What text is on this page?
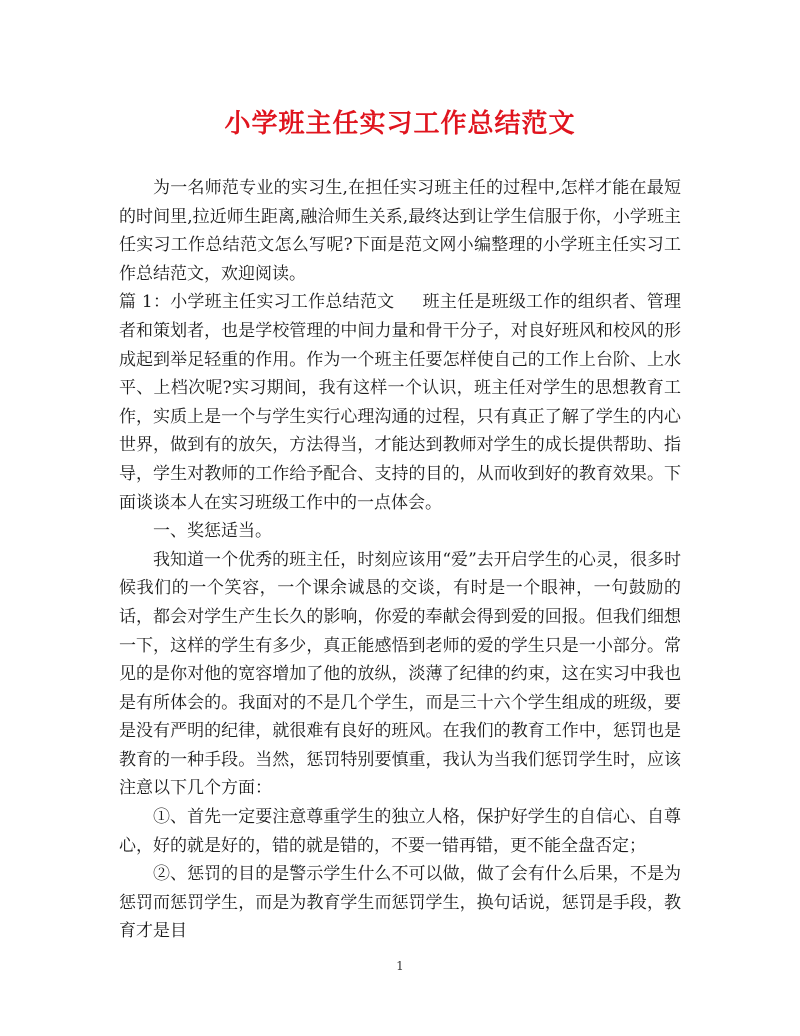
小学班主任实习工作总结范文

为一名师范专业的实习生,在担任实习班主任的过程中,怎样才能在最短的时间里,拉近师生距离,融洽师生关系,最终达到让学生信服于你，小学班主任实习工作总结范文怎么写呢?下面是范文网小编整理的小学班主任实习工作总结范文，欢迎阅读。

篇 1：小学班主任实习工作总结范文 班主任是班级工作的组织者、管理者和策划者，也是学校管理的中间力量和骨干分子，对良好班风和校风的形成起到举足轻重的作用。作为一个班主任要怎样使自己的工作上台阶、上水平、上档次呢?实习期间，我有这样一个认识，班主任对学生的思想教育工作，实质上是一个与学生实行心理沟通的过程，只有真正了解了学生的内心世界，做到有的放矢，方法得当，才能达到教师对学生的成长提供帮助、指导，学生对教师的工作给予配合、支持的目的，从而收到好的教育效果。下面谈谈本人在实习班级工作中的一点体会。

一、奖惩适当。

我知道一个优秀的班主任，时刻应该用“爱”去开启学生的心灵，很多时候我们的一个笑容，一个课余诚恳的交谈，有时是一个眼神，一句鼓励的话，都会对学生产生长久的影响，你爱的奉献会得到爱的回报。但我们细想一下，这样的学生有多少，真正能感悟到老师的爱的学生只是一小部分。常见的是你对他的宽容增加了他的放纵，淡薄了纪律的约束，这在实习中我也是有所体会的。我面对的不是几个学生，而是三十六个学生组成的班级，要是没有严明的纪律，就很难有良好的班风。在我们的教育工作中，惩罚也是教育的一种手段。当然，惩罚特别要慎重，我认为当我们惩罚学生时，应该注意以下几个方面：

①、首先一定要注意尊重学生的独立人格，保护好学生的自信心、自尊心，好的就是好的，错的就是错的，不要一错再错，更不能全盘否定；

②、惩罚的目的是警示学生什么不可以做，做了会有什么后果，不是为惩罚而惩罚学生，而是为教育学生而惩罚学生，换句话说，惩罚是手段，教育才是目

1
